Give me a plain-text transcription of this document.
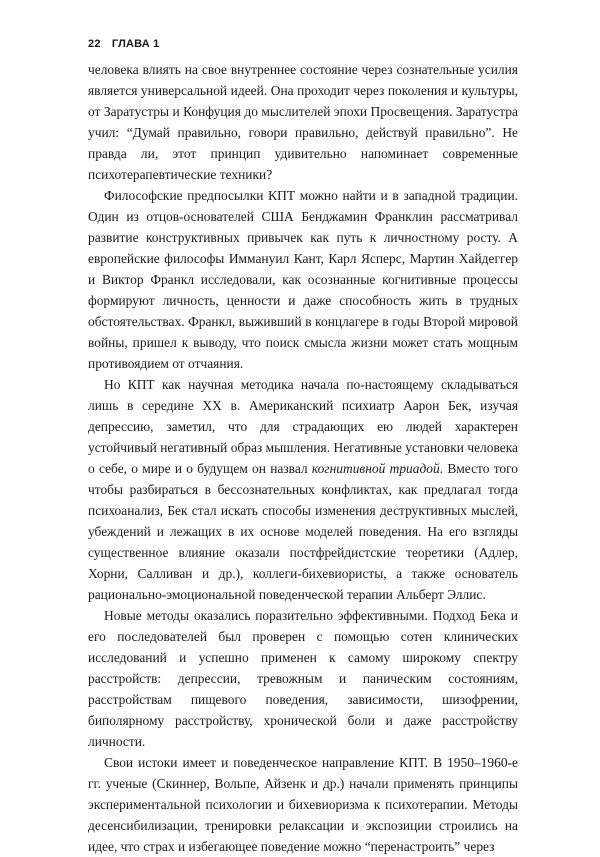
22 ГЛАВА 1

человека влиять на свое внутреннее состояние через сознательные усилия является универсальной идеей. Она проходит через поколения и культуры, от Заратустры и Конфуция до мыслителей эпохи Просвещения. Заратустра учил: “Думай правильно, говори правильно, действуй правильно”. Не правда ли, этот принцип удивительно напоминает современные психотерапевтические техники?

Философские предпосылки КПТ можно найти и в западной традиции. Один из отцов-основателей США Бенджамин Франклин рассматривал развитие конструктивных привычек как путь к личностному росту. А европейские философы Иммануил Кант, Карл Ясперс, Мартин Хайдеггер и Виктор Франкл исследовали, как осознанные когнитивные процессы формируют личность, ценности и даже способность жить в трудных обстоятельствах. Франкл, выживший в концлагере в годы Второй мировой войны, пришел к выводу, что поиск смысла жизни может стать мощным противоядием от отчаяния.

Но КПТ как научная методика начала по-настоящему складываться лишь в середине XX в. Американский психиатр Аарон Бек, изучая депрессию, заметил, что для страдающих ею людей характерен устойчивый негативный образ мышления. Негативные установки человека о себе, о мире и о будущем он назвал когнитивной триадой. Вместо того чтобы разбираться в бессознательных конфликтах, как предлагал тогда психоанализ, Бек стал искать способы изменения деструктивных мыслей, убеждений и лежащих в их основе моделей поведения. На его взгляды существенное влияние оказали постфрейдистские теоретики (Адлер, Хорни, Салливан и др.), коллеги-бихевиористы, а также основатель рационально-эмоциональной поведенческой терапии Альберт Эллис.

Новые методы оказались поразительно эффективными. Подход Бека и его последователей был проверен с помощью сотен клинических исследований и успешно применен к самому широкому спектру расстройств: депрессии, тревожным и паническим состояниям, расстройствам пищевого поведения, зависимости, шизофрении, биполярному расстройству, хронической боли и даже расстройству личности.

Свои истоки имеет и поведенческое направление КПТ. В 1950–1960-е гг. ученые (Скиннер, Вольпе, Айзенк и др.) начали применять принципы экспериментальной психологии и бихевиоризма к психотерапии. Методы десенсибилизации, тренировки релаксации и экспозиции строились на идее, что страх и избегающее поведение можно “перенастроить” через
